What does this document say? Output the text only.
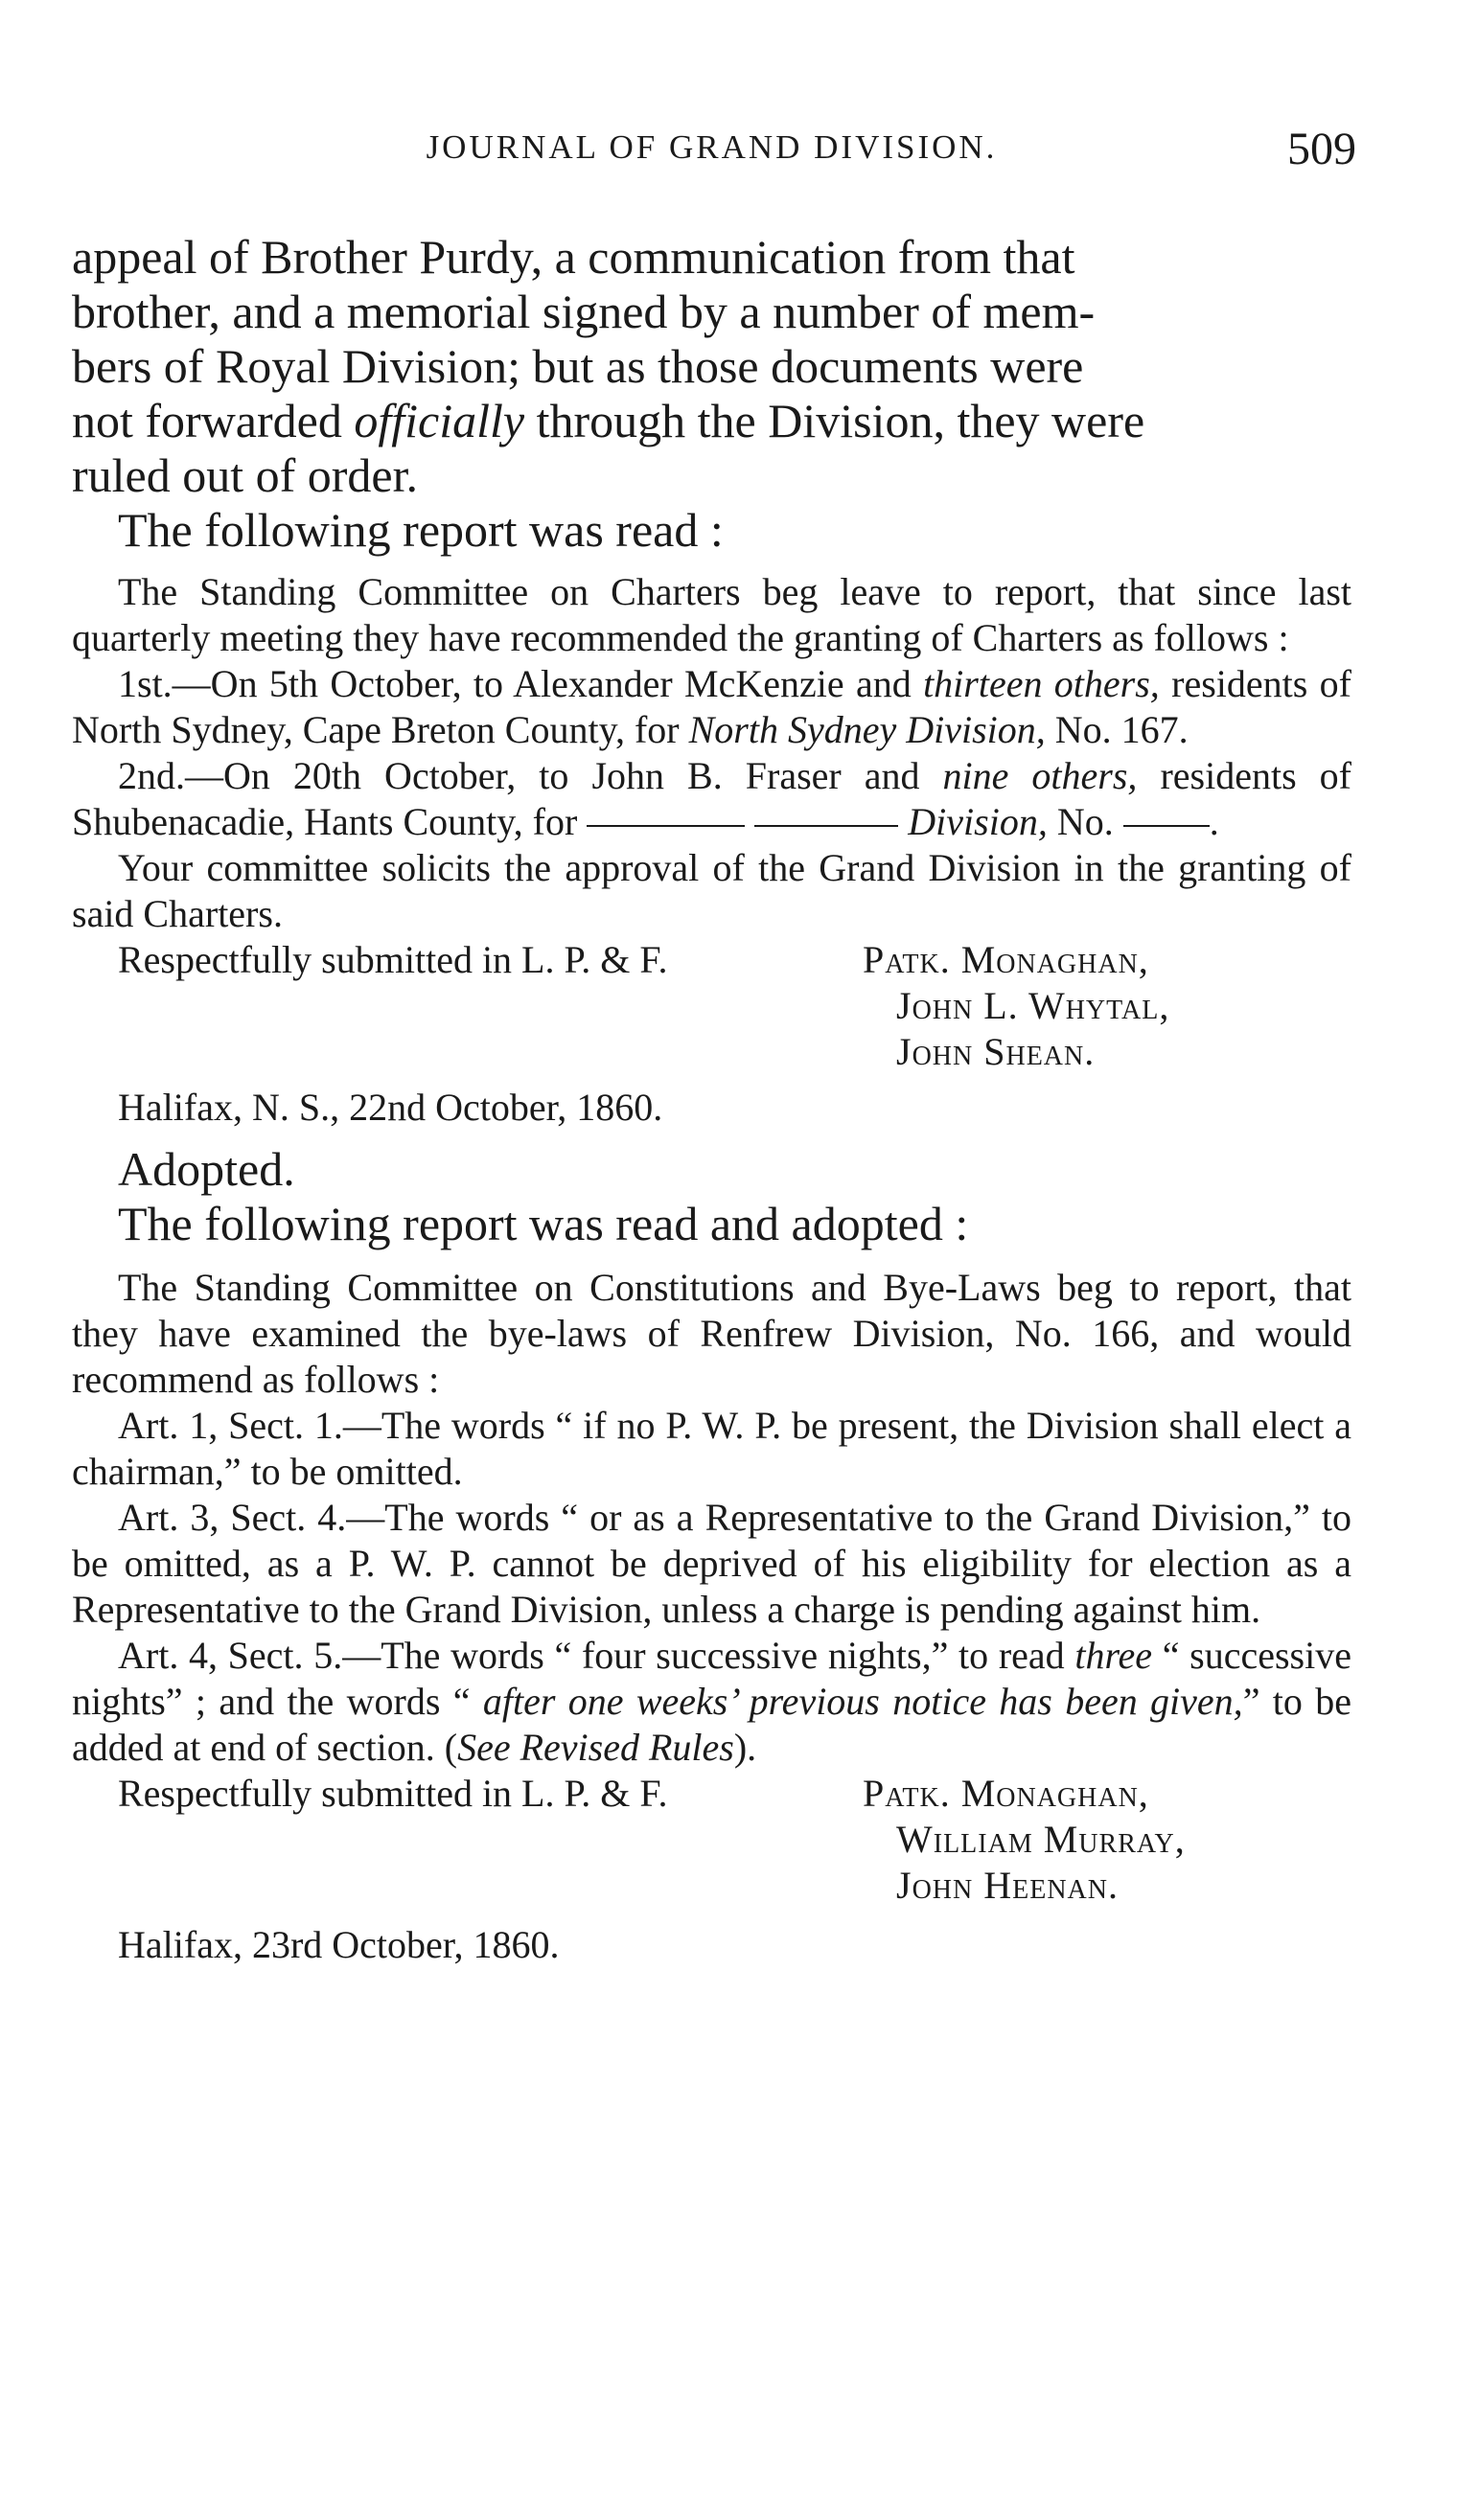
JOURNAL OF GRAND DIVISION.	509

appeal of Brother Purdy, a communication from that

brother, and a memorial signed by a number of mem-

bers of Royal Division; but as those documents were

not forwarded officially through the Division, they were

ruled out of order.

The following report was read :

The Standing Committee on Charters beg leave to report, that since last quarterly meeting they have recommended the granting of Charters as follows :

1st.—On 5th October, to Alexander McKenzie and thirteen others, residents of North Sydney, Cape Breton County, for North Sydney Division, No. 167.

2nd.—On 20th October, to John B. Fraser and nine others, residents of Shubenacadie, Hants County, for	Division, No.	.

Your committee solicits the approval of the Grand Division in the granting of said Charters.

Respectfully submitted in L. P. & F.	Patk. Monaghan,
John L. Whytal,
John Shean.

Halifax, N. S., 22nd October, 1860.

Adopted.

The following report was read and adopted :

The Standing Committee on Constitutions and Bye-Laws beg to report, that they have examined the bye-laws of Renfrew Division, No. 166, and would recommend as follows :

Art. 1, Sect. 1.—The words “ if no P. W. P. be present, the Division shall elect a chairman,” to be omitted.

Art. 3, Sect. 4.—The words “ or as a Representative to the Grand Division,” to be omitted, as a P. W. P. cannot be deprived of his eligibility for election as a Representative to the Grand Division, unless a charge is pending against him.

Art. 4, Sect. 5.—The words “ four successive nights,” to read three “ successive nights” ; and the words “ after one weeks’ previous notice has been given,” to be added at end of section. (See Revised Rules).

Respectfully submitted in L. P. & F.	Patk. Monaghan,
William Murray,
John Heenan.

Halifax, 23rd October, 1860.
